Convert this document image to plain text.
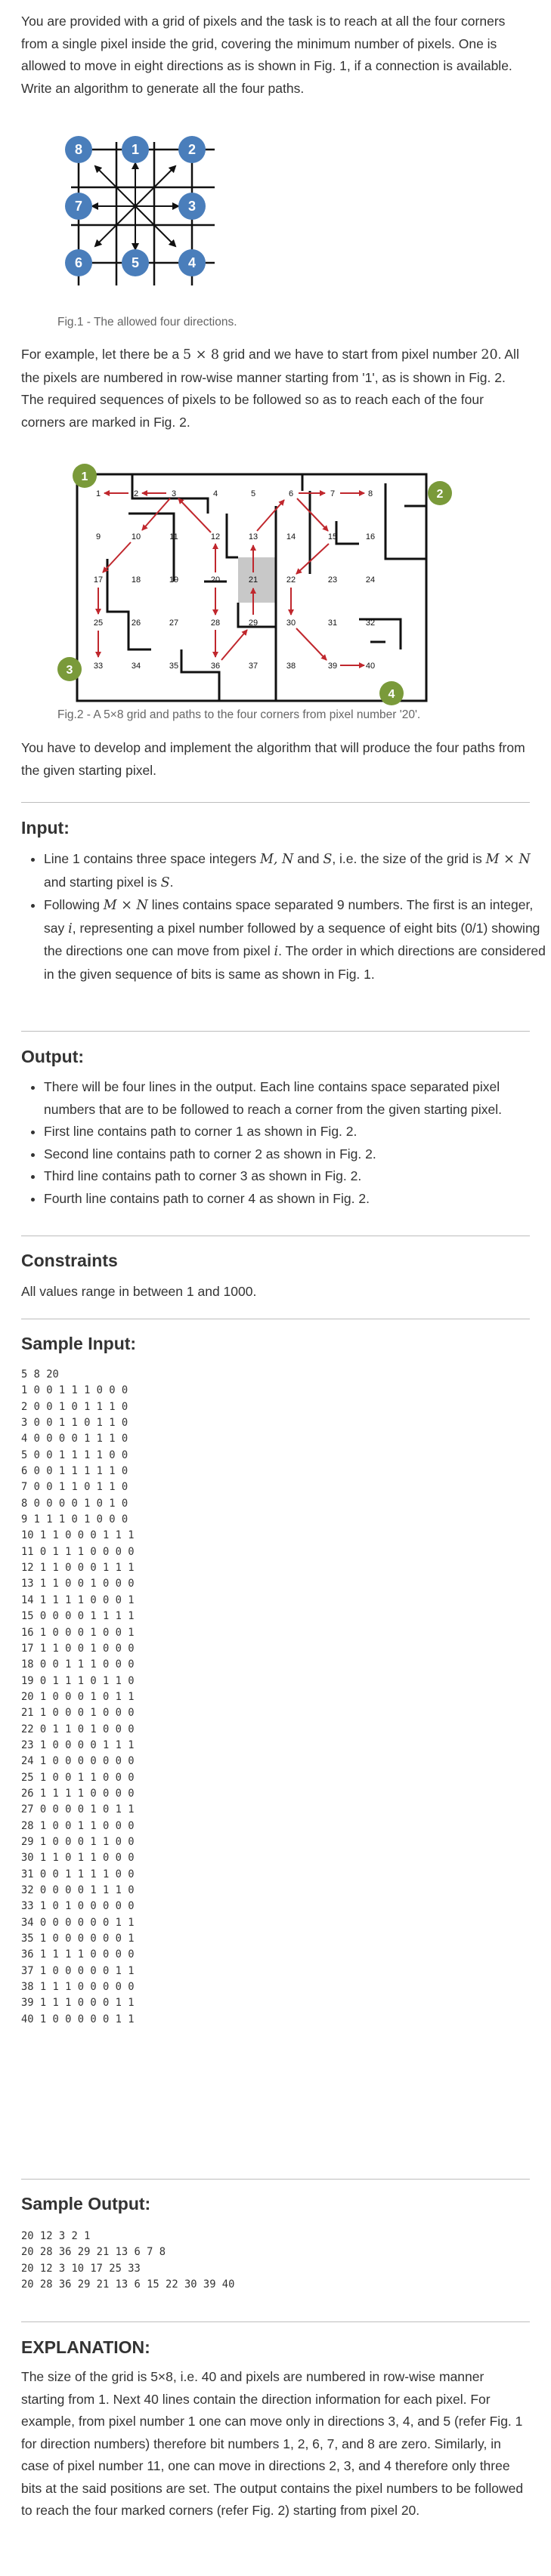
You are provided with a grid of pixels and the task is to reach at all the four corners from a single pixel inside the grid, covering the minimum number of pixels. One is allowed to move in eight directions as is shown in Fig. 1, if a connection is available. Write an algorithm to generate all the four paths.

8	1	2
7	3
6	5	4
Fig.1 - The allowed four directions.

For example, let there be a 5 × 8 grid and we have to start from pixel number 20. All the pixels are numbered in row-wise manner starting from '1', as is shown in Fig. 2. The required sequences of pixels to be followed so as to reach each of the four corners are marked in Fig. 2.

1	2	3	4	5	6	7	8
9	10	11	12	13	14	15	16
17	18	19	20	21	22	23	24
25	26	27	28	29	30	31	32
33	34	35	36	37	38	39	40
1
2
3
4
Fig.2 - A 5×8 grid and paths to the four corners from pixel number '20'.

You have to develop and implement the algorithm that will produce the four paths from the given starting pixel.

Input:
• Line 1 contains three space integers M, N and S, i.e. the size of the grid is M × N and starting pixel is S.
• Following M × N lines contains space separated 9 numbers. The first is an integer, say i, representing a pixel number followed by a sequence of eight bits (0/1) showing the directions one can move from pixel i. The order in which directions are considered in the given sequence of bits is same as shown in Fig. 1.
Output:
• There will be four lines in the output. Each line contains space separated pixel numbers that are to be followed to reach a corner from the given starting pixel.
• First line contains path to corner 1 as shown in Fig. 2.
• Second line contains path to corner 2 as shown in Fig. 2.
• Third line contains path to corner 3 as shown in Fig. 2.
• Fourth line contains path to corner 4 as shown in Fig. 2.
Constraints

All values range in between 1 and 1000.

Sample Input:
5 8 20
1 0 0 1 1 1 0 0 0
2 0 0 1 0 1 1 1 0
3 0 0 1 1 0 1 1 0
4 0 0 0 0 1 1 1 0
5 0 0 1 1 1 1 0 0
6 0 0 1 1 1 1 1 0
7 0 0 1 1 0 1 1 0
8 0 0 0 0 1 0 1 0
9 1 1 1 0 1 0 0 0
10 1 1 0 0 0 1 1 1
11 0 1 1 1 0 0 0 0
12 1 1 0 0 0 1 1 1
13 1 1 0 0 1 0 0 0
14 1 1 1 1 0 0 0 1
15 0 0 0 0 1 1 1 1
16 1 0 0 0 1 0 0 1
17 1 1 0 0 1 0 0 0
18 0 0 1 1 1 0 0 0
19 0 1 1 1 0 1 1 0
20 1 0 0 0 1 0 1 1
21 1 0 0 0 1 0 0 0
22 0 1 1 0 1 0 0 0
23 1 0 0 0 0 1 1 1
24 1 0 0 0 0 0 0 0
25 1 0 0 1 1 0 0 0
26 1 1 1 1 0 0 0 0
27 0 0 0 0 1 0 1 1
28 1 0 0 1 1 0 0 0
29 1 0 0 0 1 1 0 0
30 1 1 0 1 1 0 0 0
31 0 0 1 1 1 1 0 0
32 0 0 0 0 1 1 1 0
33 1 0 1 0 0 0 0 0
34 0 0 0 0 0 0 1 1
35 1 0 0 0 0 0 0 1
36 1 1 1 1 0 0 0 0
37 1 0 0 0 0 0 1 1
38 1 1 1 0 0 0 0 0
39 1 1 1 0 0 0 1 1
40 1 0 0 0 0 0 1 1
Sample Output:
20 12 3 2 1
20 28 36 29 21 13 6 7 8
20 12 3 10 17 25 33
20 28 36 29 21 13 6 15 22 30 39 40
EXPLANATION:

The size of the grid is 5×8, i.e. 40 and pixels are numbered in row-wise manner starting from 1. Next 40 lines contain the direction information for each pixel. For example, from pixel number 1 one can move only in directions 3, 4, and 5 (refer Fig. 1 for direction numbers) therefore bit numbers 1, 2, 6, 7, and 8 are zero. Similarly, in case of pixel number 11, one can move in directions 2, 3, and 4 therefore only three bits at the said positions are set. The output contains the pixel numbers to be followed to reach the four marked corners (refer Fig. 2) starting from pixel 20.
